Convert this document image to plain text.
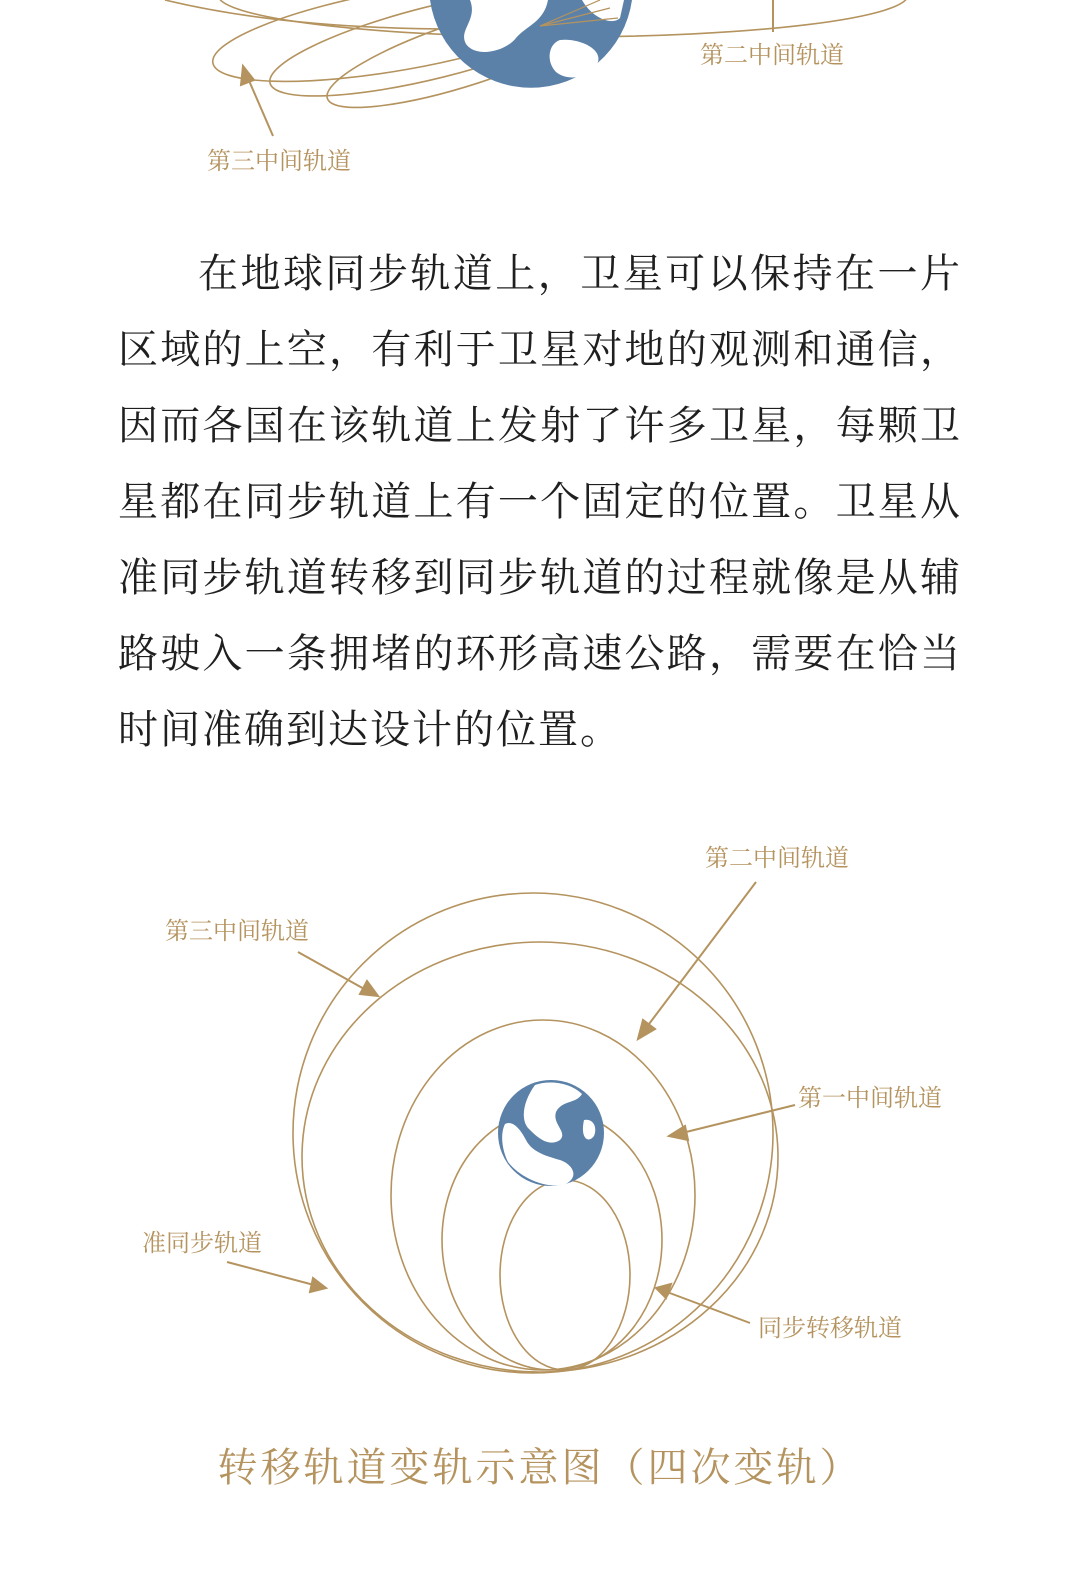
第二中间轨道
第三中间轨道

在地球同步轨道上，卫星可以保持在一片区域的上空，有利于卫星对地的观测和通信，因而各国在该轨道上发射了许多卫星，每颗卫星都在同步轨道上有一个固定的位置。卫星从准同步轨道转移到同步轨道的过程就像是从辅路驶入一条拥堵的环形高速公路，需要在恰当时间准确到达设计的位置。

第二中间轨道
第三中间轨道
第一中间轨道
准同步轨道
同步转移轨道
转移轨道变轨示意图（四次变轨）
